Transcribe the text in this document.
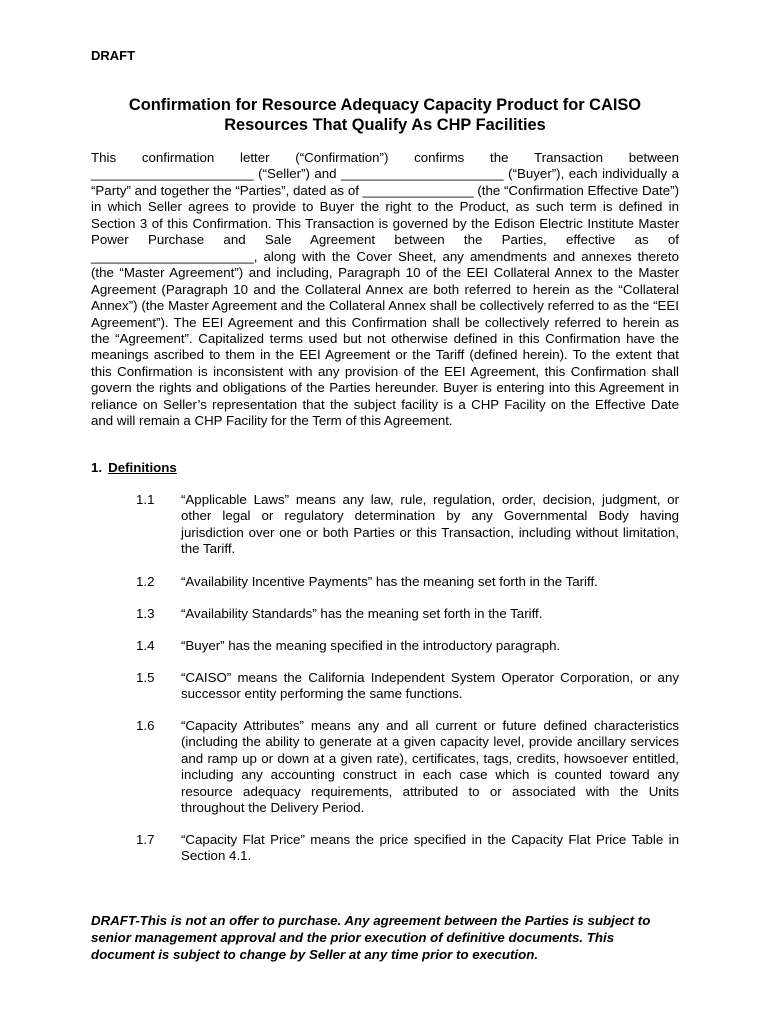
DRAFT
Confirmation for Resource Adequacy Capacity Product for CAISO
Resources That Qualify As CHP Facilities

This confirmation letter (“Confirmation”) confirms the Transaction between ______________________ (“Seller”) and ______________________ (“Buyer”), each individually a “Party” and together the “Parties”, dated as of _______________ (the “Confirmation Effective Date”) in which Seller agrees to provide to Buyer the right to the Product, as such term is defined in Section 3 of this Confirmation. This Transaction is governed by the Edison Electric Institute Master Power Purchase and Sale Agreement between the Parties, effective as of ______________________, along with the Cover Sheet, any amendments and annexes thereto (the “Master Agreement”) and including, Paragraph 10 of the EEI Collateral Annex to the Master Agreement (Paragraph 10 and the Collateral Annex are both referred to herein as the “Collateral Annex”) (the Master Agreement and the Collateral Annex shall be collectively referred to as the “EEI Agreement”). The EEI Agreement and this Confirmation shall be collectively referred to herein as the “Agreement”. Capitalized terms used but not otherwise defined in this Confirmation have the meanings ascribed to them in the EEI Agreement or the Tariff (defined herein). To the extent that this Confirmation is inconsistent with any provision of the EEI Agreement, this Confirmation shall govern the rights and obligations of the Parties hereunder. Buyer is entering into this Agreement in reliance on Seller’s representation that the subject facility is a CHP Facility on the Effective Date and will remain a CHP Facility for the Term of this Agreement.

1. Definitions
1.1 “Applicable Laws” means any law, rule, regulation, order, decision, judgment, or other legal or regulatory determination by any Governmental Body having jurisdiction over one or both Parties or this Transaction, including without limitation, the Tariff.
1.2 “Availability Incentive Payments” has the meaning set forth in the Tariff.
1.3 “Availability Standards” has the meaning set forth in the Tariff.
1.4 “Buyer” has the meaning specified in the introductory paragraph.
1.5 “CAISO” means the California Independent System Operator Corporation, or any successor entity performing the same functions.
1.6 “Capacity Attributes” means any and all current or future defined characteristics (including the ability to generate at a given capacity level, provide ancillary services and ramp up or down at a given rate), certificates, tags, credits, howsoever entitled, including any accounting construct in each case which is counted toward any resource adequacy requirements, attributed to or associated with the Units throughout the Delivery Period.
1.7 “Capacity Flat Price” means the price specified in the Capacity Flat Price Table in Section 4.1.
DRAFT-This is not an offer to purchase. Any agreement between the Parties is subject to senior management approval and the prior execution of definitive documents. This document is subject to change by Seller at any time prior to execution.
